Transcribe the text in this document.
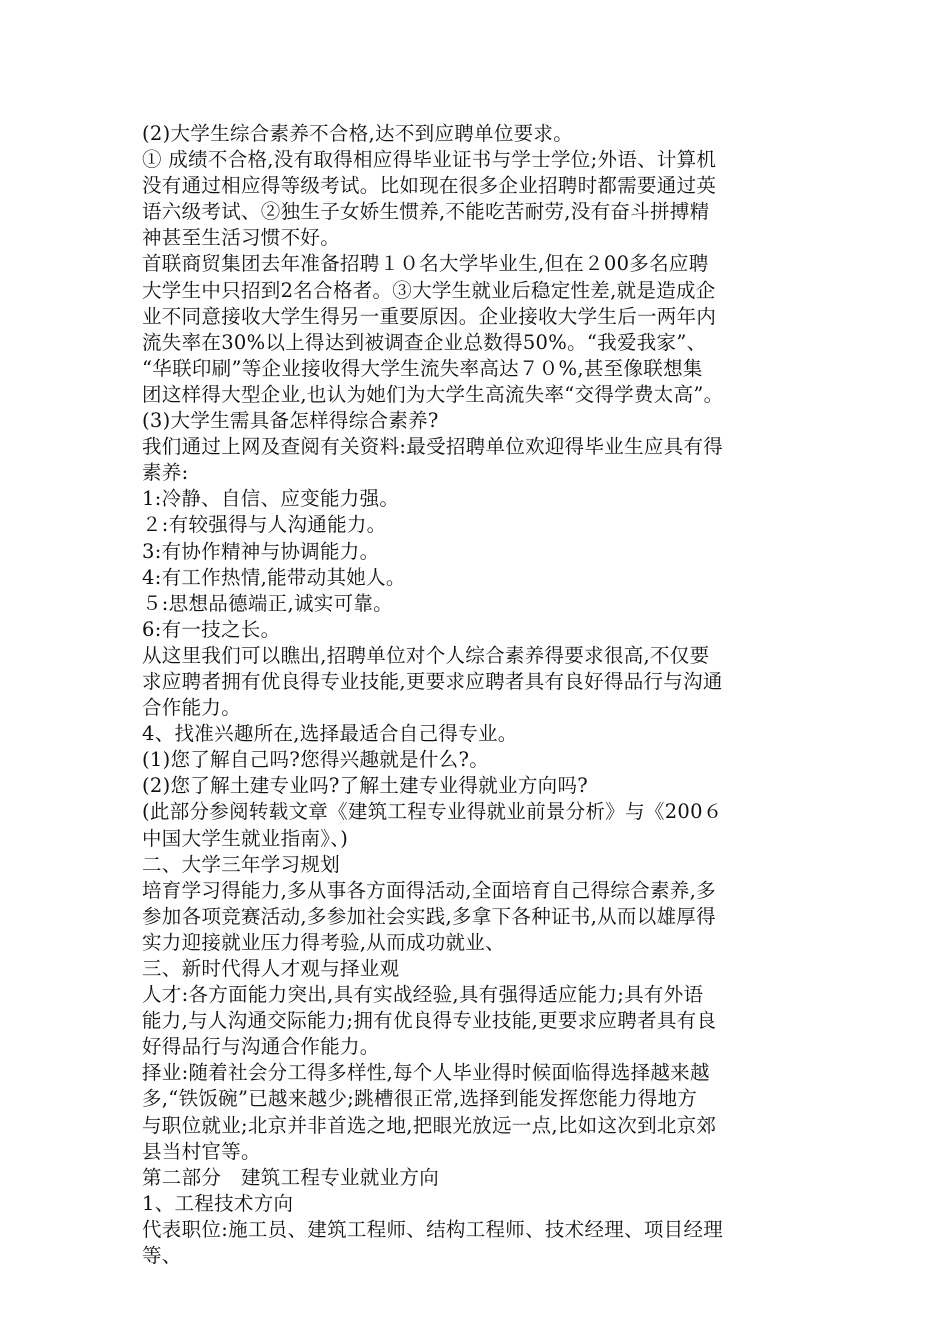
(2)大学生综合素养不合格,达不到应聘单位要求。
① 成绩不合格,没有取得相应得毕业证书与学士学位;外语、计算机
没有通过相应得等级考试。比如现在很多企业招聘时都需要通过英
语六级考试、②独生子女娇生惯养,不能吃苦耐劳,没有奋斗拼搏精
神甚至生活习惯不好。
首联商贸集团去年准备招聘１０名大学毕业生,但在２00多名应聘
大学生中只招到2名合格者。③大学生就业后稳定性差,就是造成企
业不同意接收大学生得另一重要原因。企业接收大学生后一两年内
流失率在30%以上得达到被调查企业总数得50%。“我爱我家”、
“华联印刷”等企业接收得大学生流失率高达７０%,甚至像联想集
团这样得大型企业,也认为她们为大学生高流失率“交得学费太高”。
(3)大学生需具备怎样得综合素养?
我们通过上网及查阅有关资料:最受招聘单位欢迎得毕业生应具有得
素养:
1:冷静、自信、应变能力强。
２:有较强得与人沟通能力。
3:有协作精神与协调能力。
4:有工作热情,能带动其她人。
５:思想品德端正,诚实可靠。
6:有一技之长。
从这里我们可以瞧出,招聘单位对个人综合素养得要求很高,不仅要
求应聘者拥有优良得专业技能,更要求应聘者具有良好得品行与沟通
合作能力。
4、找准兴趣所在,选择最适合自己得专业。
(1)您了解自己吗?您得兴趣就是什么?。
(2)您了解土建专业吗?了解土建专业得就业方向吗?
(此部分参阅转载文章《建筑工程专业得就业前景分析》与《200６
中国大学生就业指南》、)
二、大学三年学习规划
培育学习得能力,多从事各方面得活动,全面培育自己得综合素养,多
参加各项竞赛活动,多参加社会实践,多拿下各种证书,从而以雄厚得
实力迎接就业压力得考验,从而成功就业、
三、新时代得人才观与择业观
人才:各方面能力突出,具有实战经验,具有强得适应能力;具有外语
能力,与人沟通交际能力;拥有优良得专业技能,更要求应聘者具有良
好得品行与沟通合作能力。
择业:随着社会分工得多样性,每个人毕业得时候面临得选择越来越
多,“铁饭碗”已越来越少;跳槽很正常,选择到能发挥您能力得地方
与职位就业;北京并非首选之地,把眼光放远一点,比如这次到北京郊
县当村官等。
第二部分　建筑工程专业就业方向
1、工程技术方向
代表职位:施工员、建筑工程师、结构工程师、技术经理、项目经理
等、
